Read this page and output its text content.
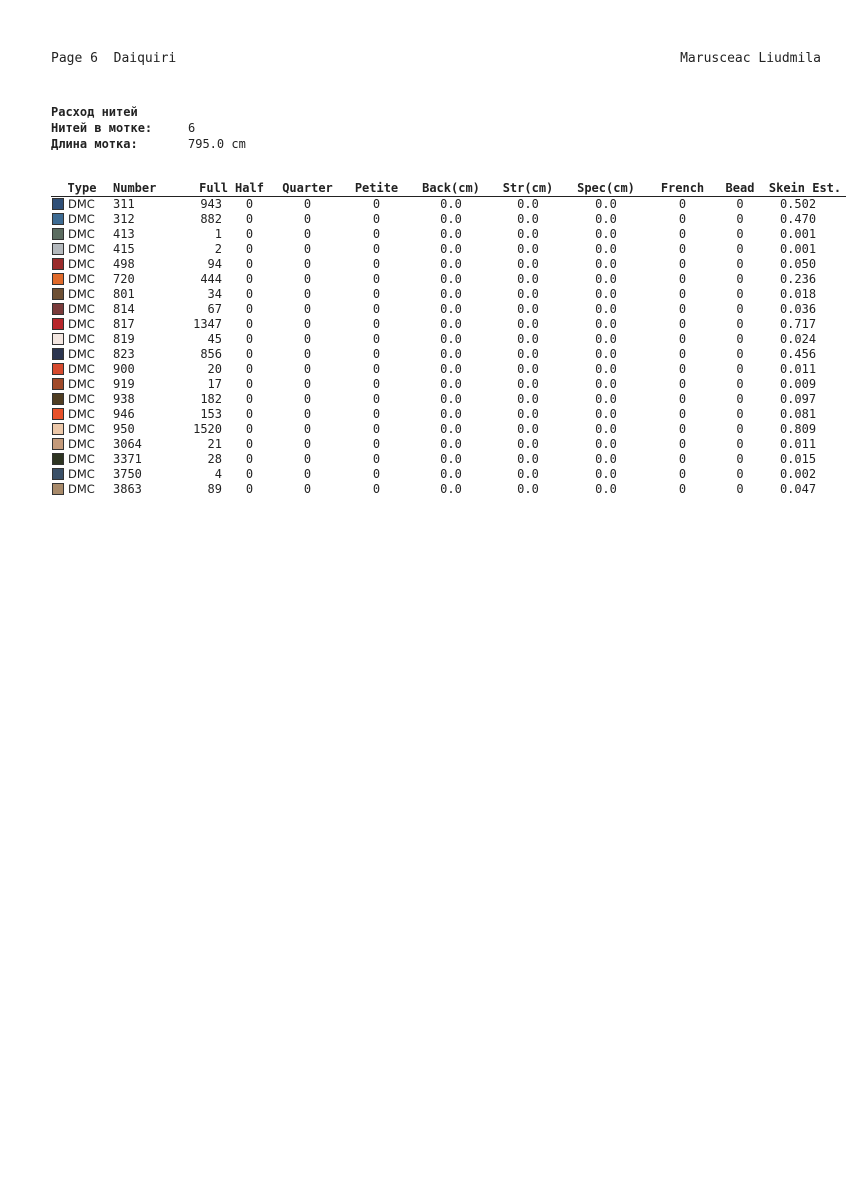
Page 6  Daiquiri	Marusceac Liudmila
Расход нитей
Нитей в мотке:	6
Длина мотка:	795.0 cm
Type	Number	Full	Half	Quarter	Petite	Back(cm)	Str(cm)	Spec(cm)	French	Bead	Skein Est.
DMC	311	943	0	0	0	0.0	0.0	0.0	0	0	0.502
DMC	312	882	0	0	0	0.0	0.0	0.0	0	0	0.470
DMC	413	1	0	0	0	0.0	0.0	0.0	0	0	0.001
DMC	415	2	0	0	0	0.0	0.0	0.0	0	0	0.001
DMC	498	94	0	0	0	0.0	0.0	0.0	0	0	0.050
DMC	720	444	0	0	0	0.0	0.0	0.0	0	0	0.236
DMC	801	34	0	0	0	0.0	0.0	0.0	0	0	0.018
DMC	814	67	0	0	0	0.0	0.0	0.0	0	0	0.036
DMC	817	1347	0	0	0	0.0	0.0	0.0	0	0	0.717
DMC	819	45	0	0	0	0.0	0.0	0.0	0	0	0.024
DMC	823	856	0	0	0	0.0	0.0	0.0	0	0	0.456
DMC	900	20	0	0	0	0.0	0.0	0.0	0	0	0.011
DMC	919	17	0	0	0	0.0	0.0	0.0	0	0	0.009
DMC	938	182	0	0	0	0.0	0.0	0.0	0	0	0.097
DMC	946	153	0	0	0	0.0	0.0	0.0	0	0	0.081
DMC	950	1520	0	0	0	0.0	0.0	0.0	0	0	0.809
DMC	3064	21	0	0	0	0.0	0.0	0.0	0	0	0.011
DMC	3371	28	0	0	0	0.0	0.0	0.0	0	0	0.015
DMC	3750	4	0	0	0	0.0	0.0	0.0	0	0	0.002
DMC	3863	89	0	0	0	0.0	0.0	0.0	0	0	0.047
